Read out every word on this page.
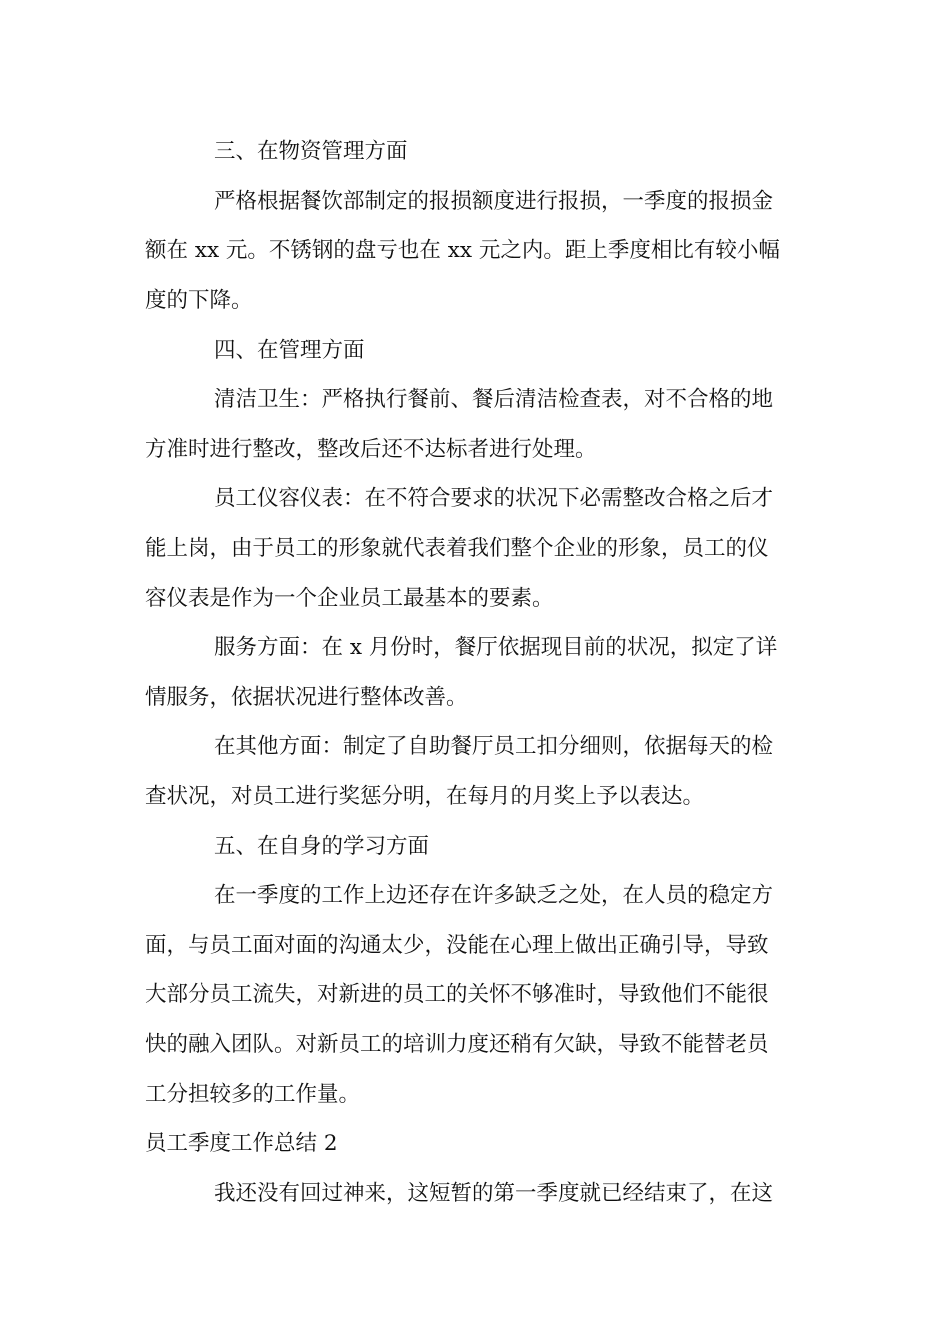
三、在物资管理方面
严格根据餐饮部制定的报损额度进行报损，一季度的报损金
额在 xx 元。不锈钢的盘亏也在 xx 元之内。距上季度相比有较小幅
度的下降。
四、在管理方面
清洁卫生：严格执行餐前、餐后清洁检查表，对不合格的地
方准时进行整改，整改后还不达标者进行处理。
员工仪容仪表：在不符合要求的状况下必需整改合格之后才
能上岗，由于员工的形象就代表着我们整个企业的形象，员工的仪
容仪表是作为一个企业员工最基本的要素。
服务方面：在 x 月份时，餐厅依据现目前的状况，拟定了详
情服务，依据状况进行整体改善。
在其他方面：制定了自助餐厅员工扣分细则，依据每天的检
查状况，对员工进行奖惩分明，在每月的月奖上予以表达。
五、在自身的学习方面
在一季度的工作上边还存在许多缺乏之处，在人员的稳定方
面，与员工面对面的沟通太少，没能在心理上做出正确引导，导致
大部分员工流失，对新进的员工的关怀不够准时，导致他们不能很
快的融入团队。对新员工的培训力度还稍有欠缺，导致不能替老员
工分担较多的工作量。
员工季度工作总结 2
我还没有回过神来，这短暂的第一季度就已经结束了，在这
